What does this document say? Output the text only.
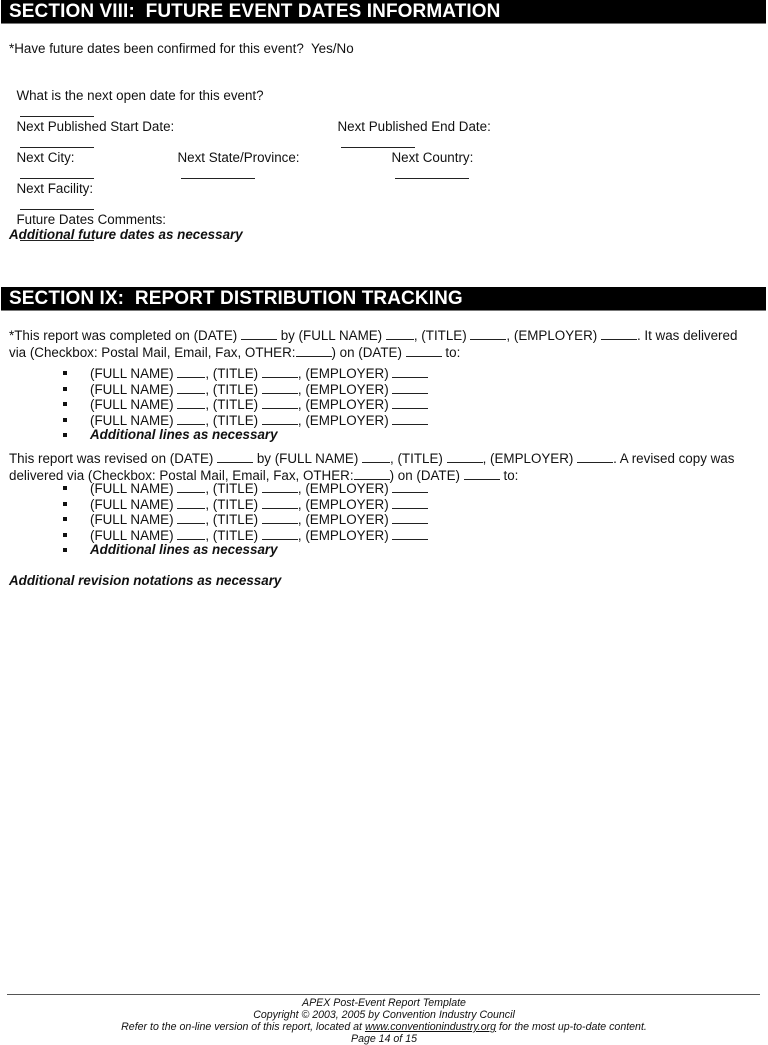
SECTION VIII:  FUTURE EVENT DATES INFORMATION
*Have future dates been confirmed for this event?  Yes/No

What is the next open date for this event?

Next Published Start Date:
	Next Published End Date:

Next City:
	Next State/Province:
	Next Country:

Next Facility:

Future Dates Comments:

Additional future dates as necessary
SECTION IX:  REPORT DISTRIBUTION TRACKING
*This report was completed on (DATE)	by (FULL NAME) , (TITLE)	, (EMPLOYER)	. It was delivered via (Checkbox: Postal Mail, Email, Fax, OTHER:	) on (DATE)	to:
(FULL NAME) , (TITLE)	, (EMPLOYER)
(FULL NAME) , (TITLE)	, (EMPLOYER)
(FULL NAME) , (TITLE)	, (EMPLOYER)
(FULL NAME) , (TITLE)	, (EMPLOYER)
Additional lines as necessary
This report was revised on (DATE)	by (FULL NAME) , (TITLE)	, (EMPLOYER)	. A revised copy was delivered via (Checkbox: Postal Mail, Email, Fax, OTHER:	) on (DATE)	to:
(FULL NAME) , (TITLE)	, (EMPLOYER)
(FULL NAME) , (TITLE)	, (EMPLOYER)
(FULL NAME) , (TITLE)	, (EMPLOYER)
(FULL NAME) , (TITLE)	, (EMPLOYER)
Additional lines as necessary
Additional revision notations as necessary
APEX Post-Event Report Template
Copyright © 2003, 2005 by Convention Industry Council
Refer to the on-line version of this report, located at www.conventionindustry.org for the most up-to-date content.
Page 14 of 15
